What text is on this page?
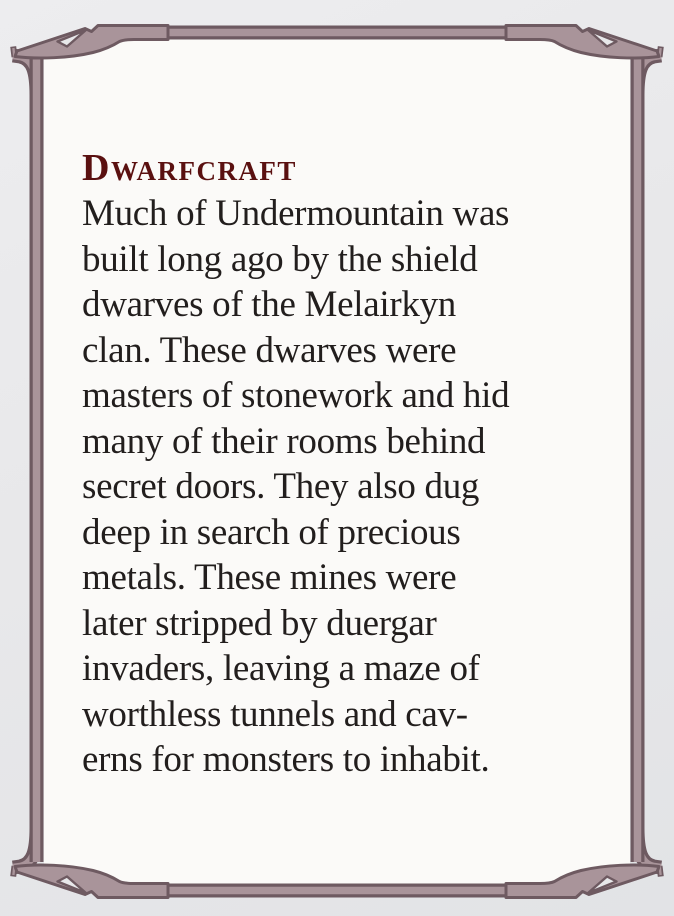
Dwarfcraft
Much of Undermountain was
built long ago by the shield
dwarves of the Melairkyn
clan. These dwarves were
masters of stonework and hid
many of their rooms behind
secret doors. They also dug
deep in search of precious
metals. These mines were
later stripped by duergar
invaders, leaving a maze of
worthless tunnels and cav-
erns for monsters to inhabit.
